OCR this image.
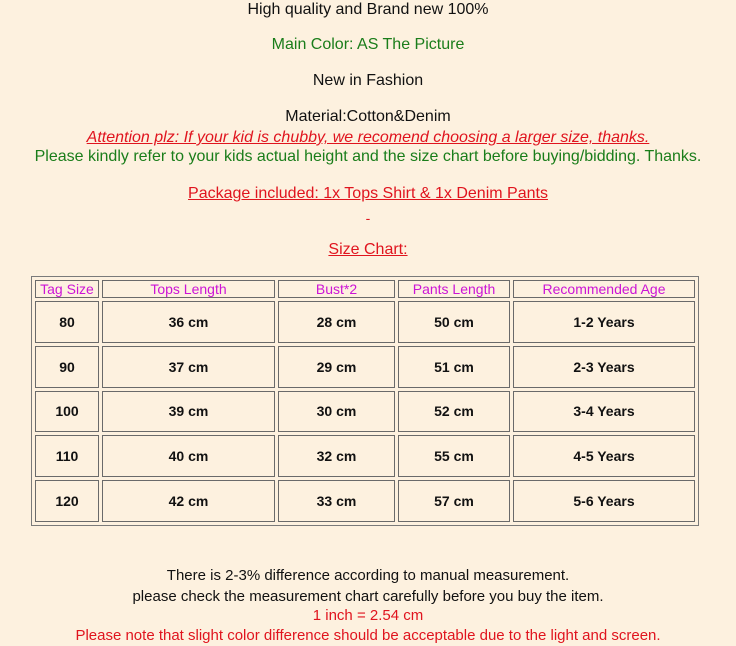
High quality and Brand new 100%
Main Color: AS The Picture
New in Fashion
Material:Cotton&Denim
Attention plz: If your kid is chubby, we recomend choosing a larger size, thanks.
Please kindly refer to your kids actual height and the size chart before buying/bidding. Thanks.
Package included: 1x Tops Shirt & 1x Denim Pants
-
Size Chart:
Tag Size	Tops Length	Bust*2	Pants Length	Recommended Age
80	36 cm	28 cm	50 cm	1-2 Years
90	37 cm	29 cm	51 cm	2-3 Years
100	39 cm	30 cm	52 cm	3-4 Years
110	40 cm	32 cm	55 cm	4-5 Years
120	42 cm	33 cm	57 cm	5-6 Years
There is 2-3% difference according to manual measurement.
please check the measurement chart carefully before you buy the item.
1 inch = 2.54 cm
Please note that slight color difference should be acceptable due to the light and screen.
